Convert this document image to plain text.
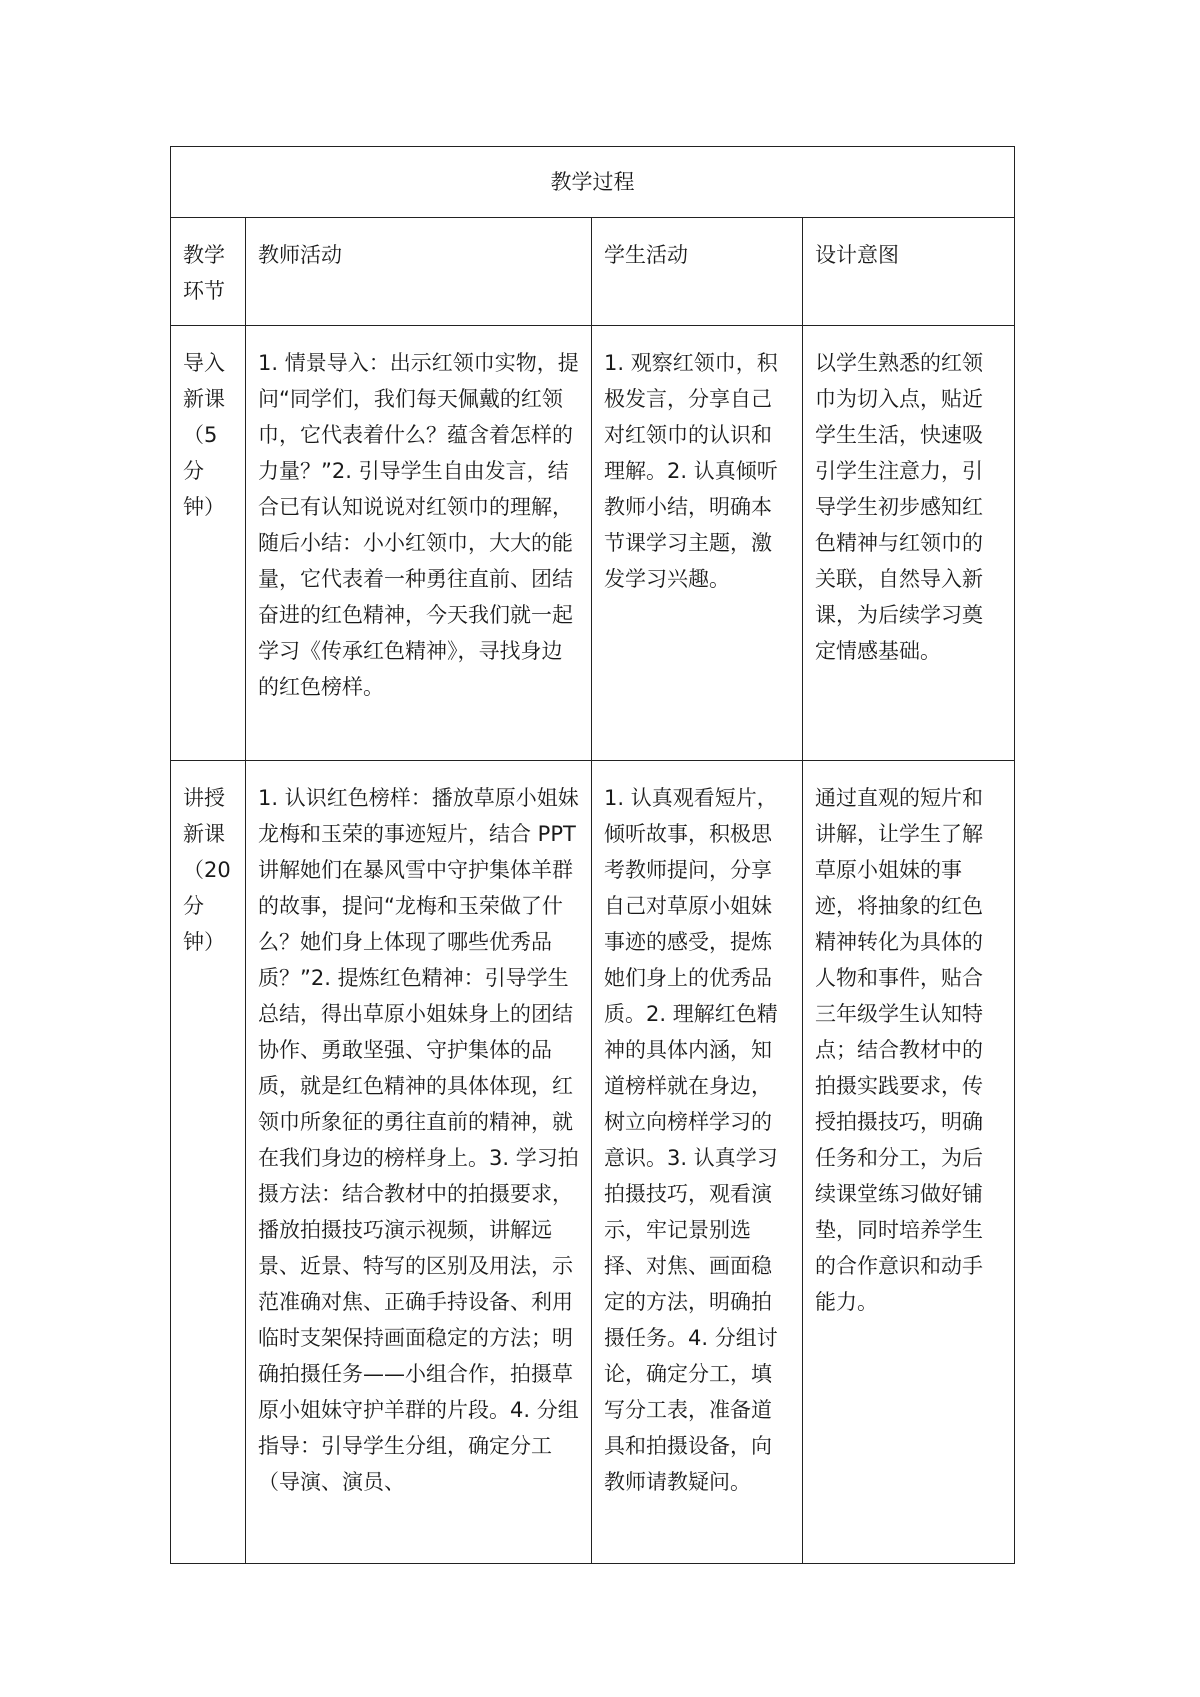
教学过程			
教学环节	教师活动	学生活动	设计意图
导入新课（5分钟）	1. 情景导入：出示红领巾实物，提问“同学们，我们每天佩戴的红领巾，它代表着什么？蕴含着怎样的力量？”2. 引导学生自由发言，结合已有认知说说对红领巾的理解，随后小结：小小红领巾，大大的能量，它代表着一种勇往直前、团结奋进的红色精神，今天我们就一起学习《传承红色精神》，寻找身边的红色榜样。	1. 观察红领巾，积极发言，分享自己对红领巾的认识和理解。2. 认真倾听教师小结，明确本节课学习主题，激发学习兴趣。	以学生熟悉的红领巾为切入点，贴近学生生活，快速吸引学生注意力，引导学生初步感知红色精神与红领巾的关联，自然导入新课，为后续学习奠定情感基础。
讲授新课（20分钟）	1. 认识红色榜样：播放草原小姐妹龙梅和玉荣的事迹短片，结合 PPT 讲解她们在暴风雪中守护集体羊群的故事，提问“龙梅和玉荣做了什么？她们身上体现了哪些优秀品质？”2. 提炼红色精神：引导学生总结，得出草原小姐妹身上的团结协作、勇敢坚强、守护集体的品质，就是红色精神的具体体现，红领巾所象征的勇往直前的精神，就在我们身边的榜样身上。3. 学习拍摄方法：结合教材中的拍摄要求，播放拍摄技巧演示视频，讲解远景、近景、特写的区别及用法，示范准确对焦、正确手持设备、利用临时支架保持画面稳定的方法；明确拍摄任务——小组合作，拍摄草原小姐妹守护羊群的片段。4. 分组指导：引导学生分组，确定分工（导演、演员、	1. 认真观看短片，倾听故事，积极思考教师提问，分享自己对草原小姐妹事迹的感受，提炼她们身上的优秀品质。2. 理解红色精神的具体内涵，知道榜样就在身边，树立向榜样学习的意识。3. 认真学习拍摄技巧，观看演示，牢记景别选择、对焦、画面稳定的方法，明确拍摄任务。4. 分组讨论，确定分工，填写分工表，准备道具和拍摄设备，向教师请教疑问。	通过直观的短片和讲解，让学生了解草原小姐妹的事迹，将抽象的红色精神转化为具体的人物和事件，贴合三年级学生认知特点；结合教材中的拍摄实践要求，传授拍摄技巧，明确任务和分工，为后续课堂练习做好铺垫，同时培养学生的合作意识和动手能力。
